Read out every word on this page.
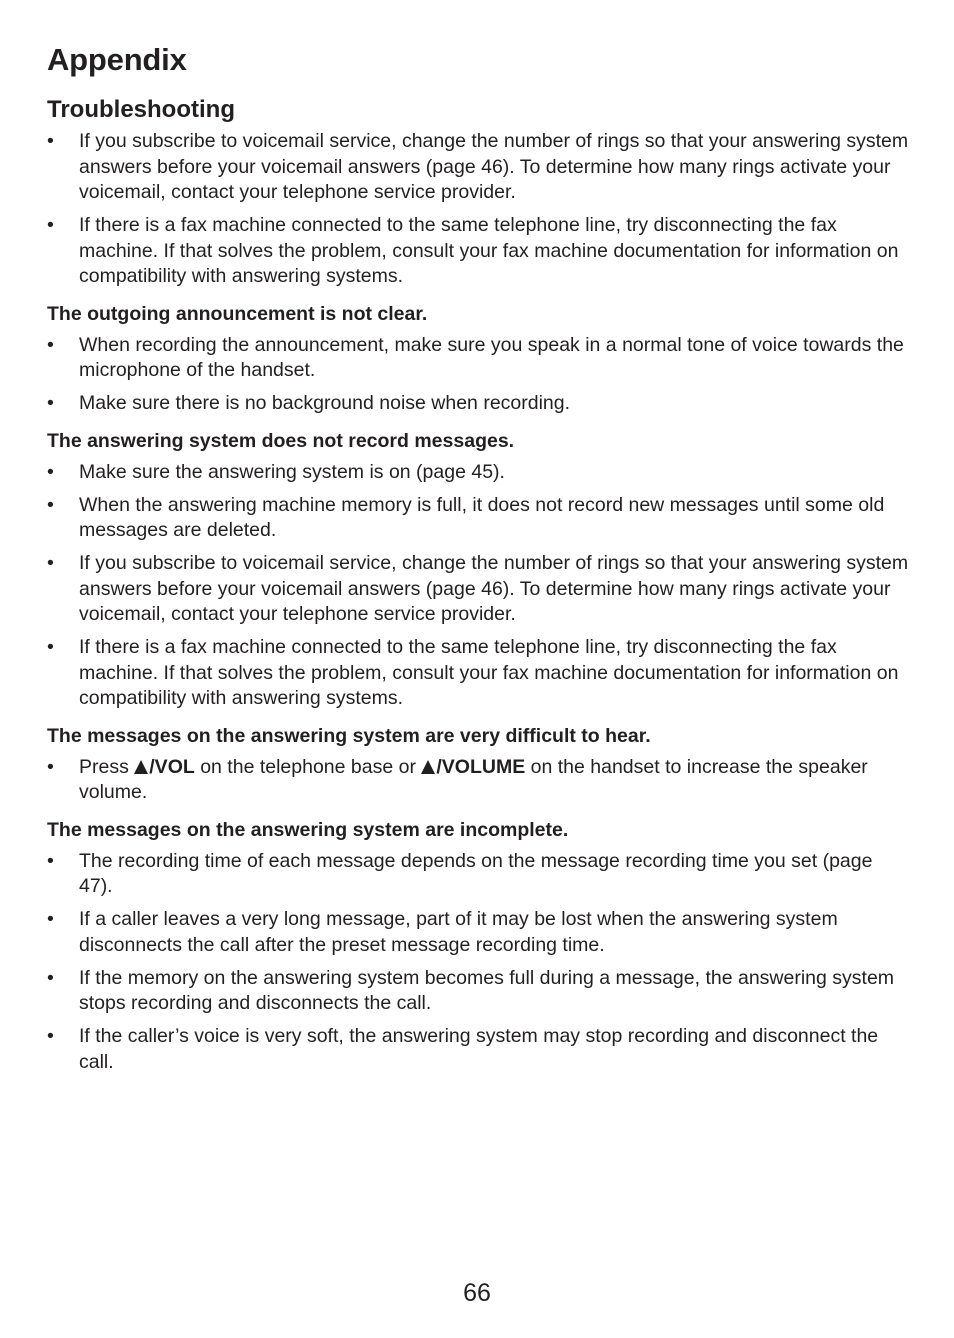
Appendix
Troubleshooting
•
If you subscribe to voicemail service, change the number of rings so that your answering system answers before your voicemail answers (page 46). To determine how many rings activate your voicemail, contact your telephone service provider.
•
If there is a fax machine connected to the same telephone line, try disconnecting the fax machine. If that solves the problem, consult your fax machine documentation for information on compatibility with answering systems.
The outgoing announcement is not clear.
•
When recording the announcement, make sure you speak in a normal tone of voice towards the microphone of the handset.
•
Make sure there is no background noise when recording.
The answering system does not record messages.
•
Make sure the answering system is on (page 45).
•
When the answering machine memory is full, it does not record new messages until some old messages are deleted.
•
If you subscribe to voicemail service, change the number of rings so that your answering system answers before your voicemail answers (page 46). To determine how many rings activate your voicemail, contact your telephone service provider.
•
If there is a fax machine connected to the same telephone line, try disconnecting the fax machine. If that solves the problem, consult your fax machine documentation for information on compatibility with answering systems.
The messages on the answering system are very difficult to hear.
•
Press /VOL on the telephone base or /VOLUME on the handset to increase the speaker volume.
The messages on the answering system are incomplete.
•
The recording time of each message depends on the message recording time you set (page 47).
•
If a caller leaves a very long message, part of it may be lost when the answering system disconnects the call after the preset message recording time.
•
If the memory on the answering system becomes full during a message, the answering system stops recording and disconnects the call.
•
If the caller’s voice is very soft, the answering system may stop recording and disconnect the call.
66
